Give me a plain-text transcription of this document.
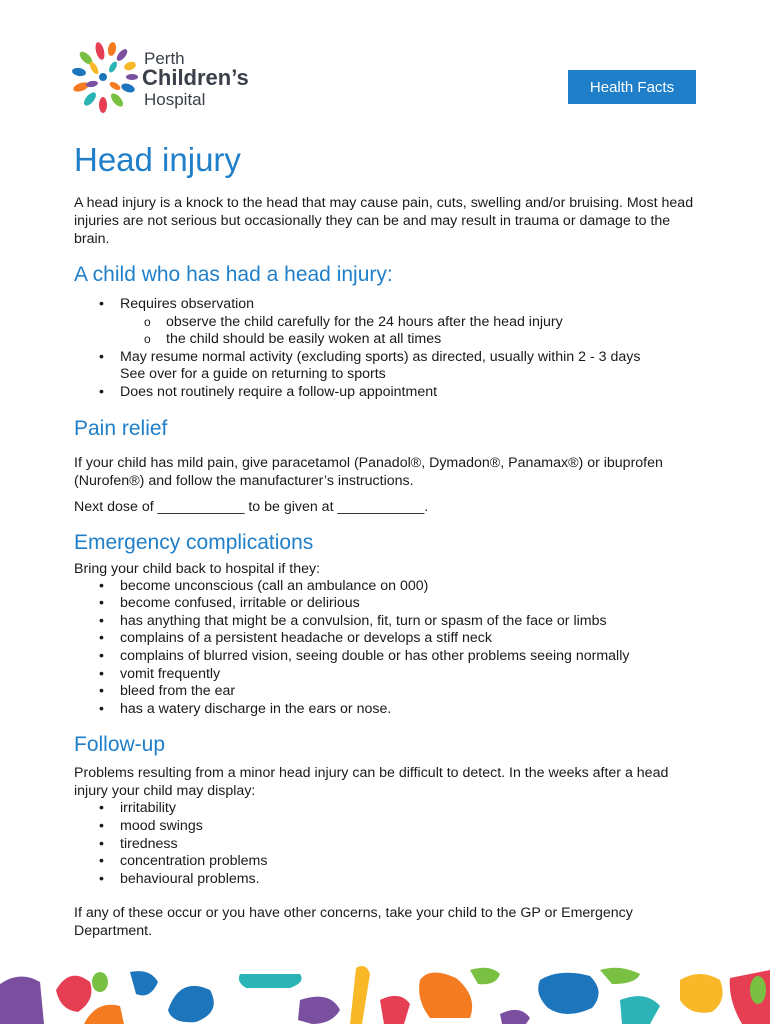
Perth
Children’s
Hospital
Health Facts
Head injury

A head injury is a knock to the head that may cause pain, cuts, swelling and/or bruising. Most head injuries are not serious but occasionally they can be and may result in trauma or damage to the brain.

A child who has had a head injury:
• Requires observation
o observe the child carefully for the 24 hours after the head injury
o the child should be easily woken at all times
• May resume normal activity (excluding sports) as directed, usually within 2 - 3 days
See over for a guide on returning to sports
• Does not routinely require a follow-up appointment
Pain relief

If your child has mild pain, give paracetamol (Panadol®, Dymadon®, Panamax®) or ibuprofen (Nurofen®) and follow the manufacturer’s instructions.

Next dose of ___________ to be given at ___________.

Emergency complications

Bring your child back to hospital if they:

• become unconscious (call an ambulance on 000)
• become confused, irritable or delirious
• has anything that might be a convulsion, fit, turn or spasm of the face or limbs
• complains of a persistent headache or develops a stiff neck
• complains of blurred vision, seeing double or has other problems seeing normally
• vomit frequently
• bleed from the ear
• has a watery discharge in the ears or nose.
Follow-up

Problems resulting from a minor head injury can be difficult to detect. In the weeks after a head injury your child may display:

• irritability
• mood swings
• tiredness
• concentration problems
• behavioural problems.

If any of these occur or you have other concerns, take your child to the GP or Emergency Department.
